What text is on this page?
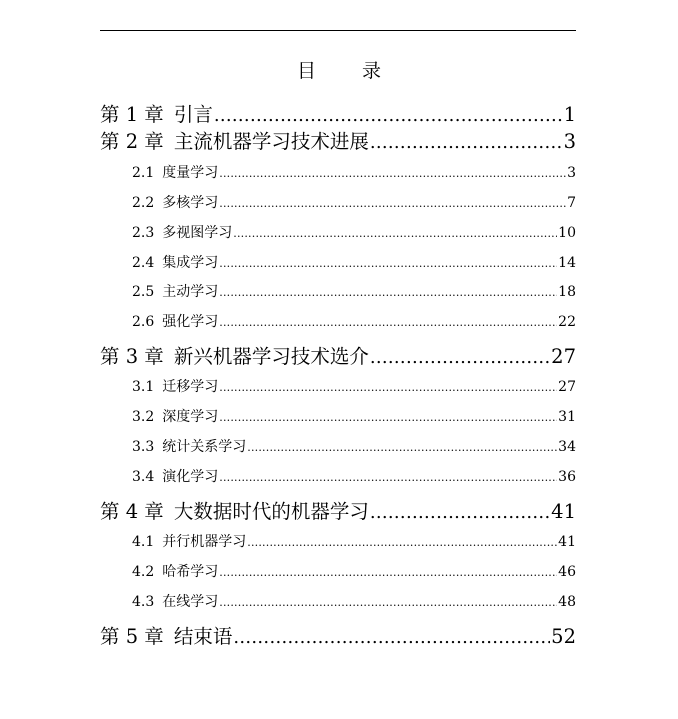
目 录
第 1 章 引言 .....	1
第 2 章 主流机器学习技术进展 .....	3
2.1 度量学习 .....	3
2.2 多核学习 .....	7
2.3 多视图学习 .....	10
2.4 集成学习 .....	14
2.5 主动学习 .....	18
2.6 强化学习 .....	22
第 3 章 新兴机器学习技术选介 .....	27
3.1 迁移学习 .....	27
3.2 深度学习 .....	31
3.3 统计关系学习 .....	34
3.4 演化学习 .....	36
第 4 章 大数据时代的机器学习 .....	41
4.1 并行机器学习 .....	41
4.2 哈希学习 .....	46
4.3 在线学习 .....	48
第 5 章 结束语 .....	52
